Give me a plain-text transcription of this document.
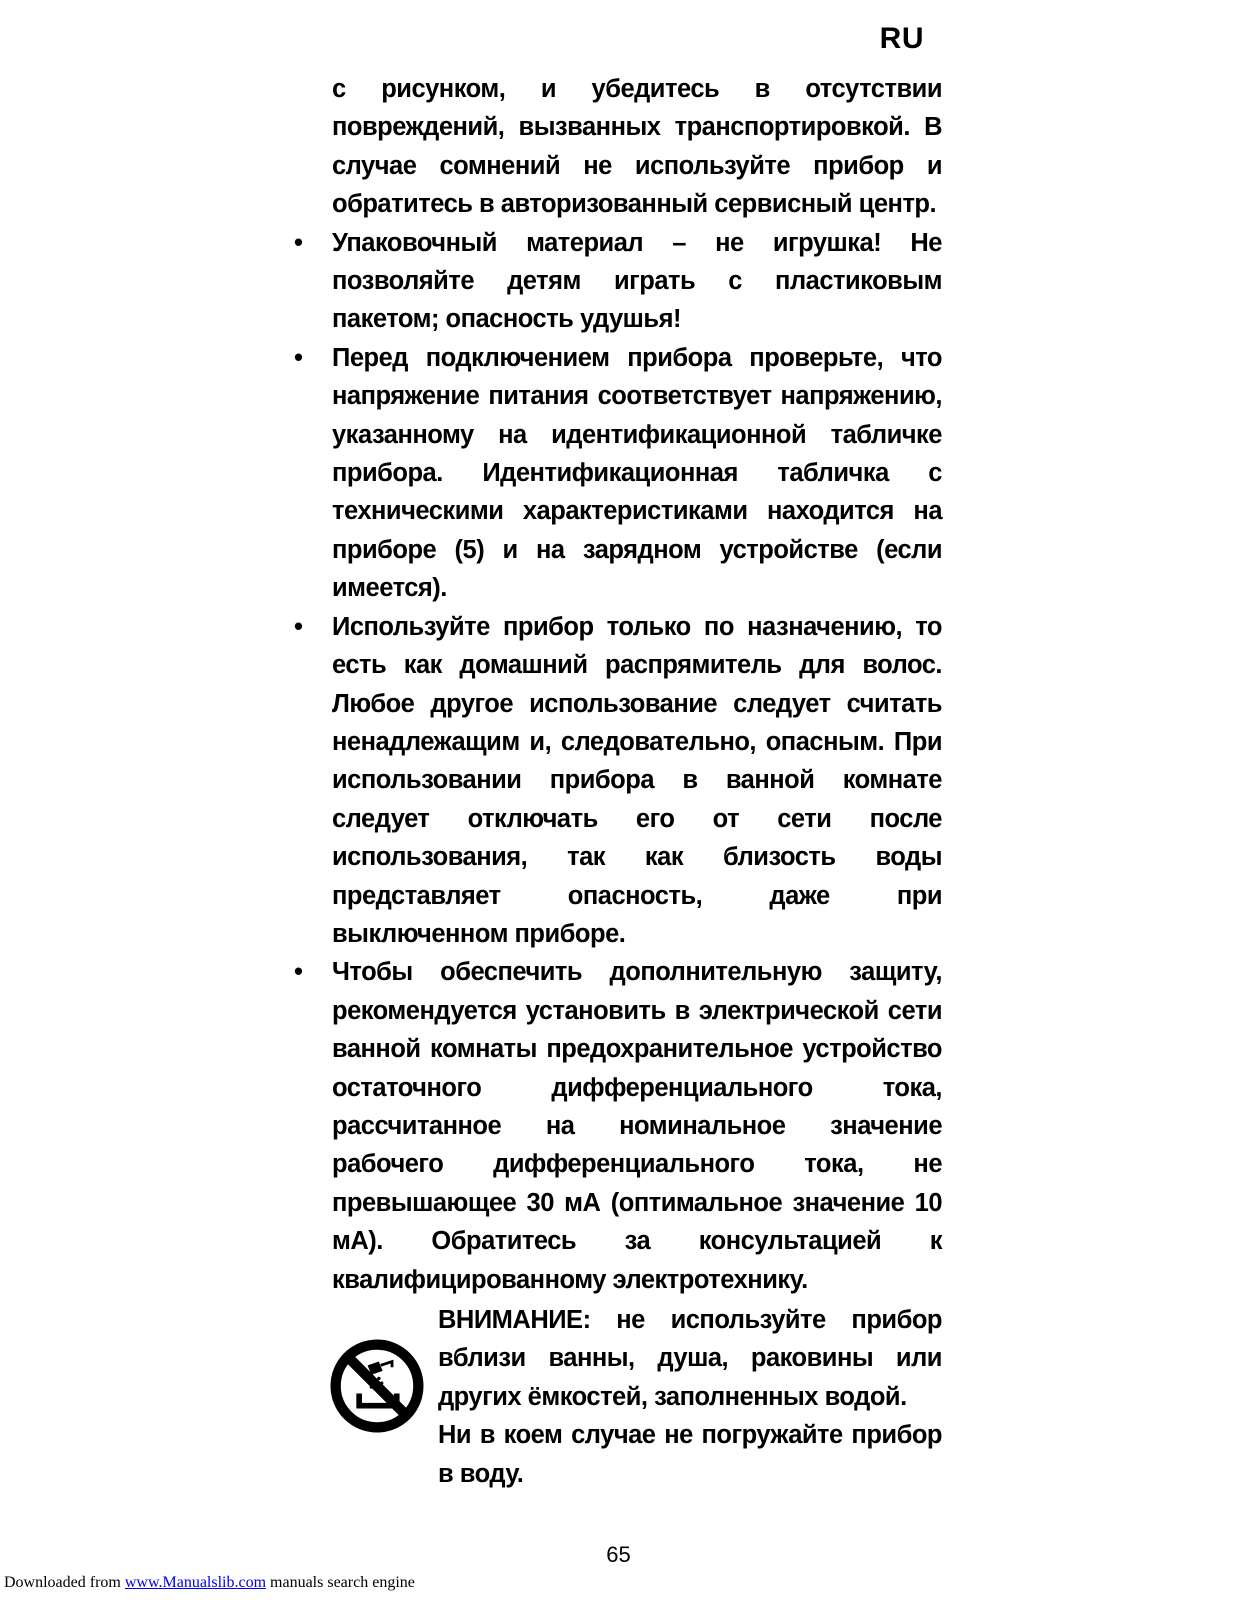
RU

с рисунком, и убедитесь в отсутствии повреждений, вызванных транспортировкой. В случае сомнений не используйте прибор и обратитесь в авторизованный сервисный центр.

• Упаковочный материал – не игрушка! Не позволяйте детям играть с пластиковым пакетом; опасность удушья!

• Перед подключением прибора проверьте, что напряжение питания соответствует напряжению, указанному на идентификационной табличке прибора. Идентификационная табличка с техническими характеристиками находится на приборе (5) и на зарядном устройстве (если имеется).

• Используйте прибор только по назначению, то есть как домашний распрямитель для волос. Любое другое использование следует считать ненадлежащим и, следовательно, опасным. При использовании прибора в ванной комнате следует отключать его от сети после использования, так как близость воды представляет опасность, даже при выключенном приборе.

• Чтобы обеспечить дополнительную защиту, рекомендуется установить в электрической сети ванной комнаты предохранительное устройство остаточного дифференциального тока, рассчитанное на номинальное значение рабочего дифференциального тока, не превышающее 30 мА (оптимальное значение 10 мА). Обратитесь за консультацией к квалифицированному электротехнику.

ВНИМАНИЕ: не используйте прибор вблизи ванны, душа, раковины или других ёмкостей, заполненных водой.

Ни в коем случае не погружайте прибор в воду.

65
Downloaded from www.Manualslib.com manuals search engine
